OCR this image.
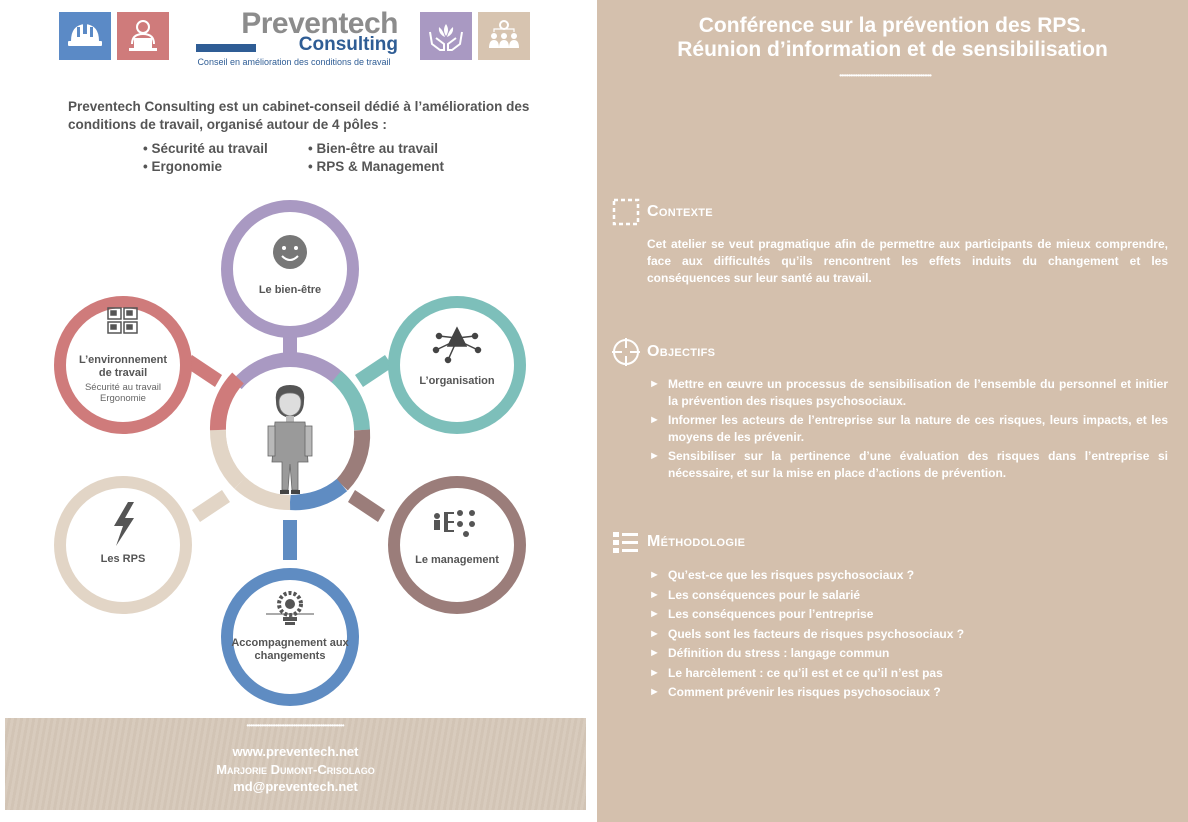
Preventech
Consulting
Conseil en amélioration des conditions de travail
Preventech Consulting est un cabinet-conseil dédié à l’amélioration des conditions de travail, organisé autour de 4 pôles :
• Sécurité au travail
• Ergonomie
• Bien-être au travail
• RPS & Management
Le bien-être
L’organisation
Le management
Accompagnement aux changements
Les RPS
L’environnement de travail
Sécurité au travail
Ergonomie
••••••••••••••••••••••••••••••••••••••••••••••••••••••
www.preventech.net
Marjorie Dumont-Crisolago
md@preventech.net
Conférence sur la prévention des RPS.
Réunion d’information et de sensibilisation
•••••••••••••••••••••••••••••••••••••••••••••••••••
Contexte
Cet atelier se veut pragmatique afin de permettre aux participants de mieux comprendre, face aux difficultés qu’ils rencontrent les effets induits du changement et les conséquences sur leur santé au travail.
Objectifs
► Mettre en œuvre un processus de sensibilisation de l’ensemble du personnel et initier la prévention des risques psychosociaux.
► Informer les acteurs de l’entreprise sur la nature de ces risques, leurs impacts, et les moyens de les prévenir.
► Sensibiliser sur la pertinence d’une évaluation des risques dans l’entreprise si nécessaire, et sur la mise en place d’actions de prévention.
Méthodologie
► Qu’est-ce que les risques psychosociaux ?
► Les conséquences pour le salarié
► Les conséquences pour l’entreprise
► Quels sont les facteurs de risques psychosociaux ?
► Définition du stress : langage commun
► Le harcèlement : ce qu’il est et ce qu’il n’est pas
► Comment prévenir les risques psychosociaux ?
